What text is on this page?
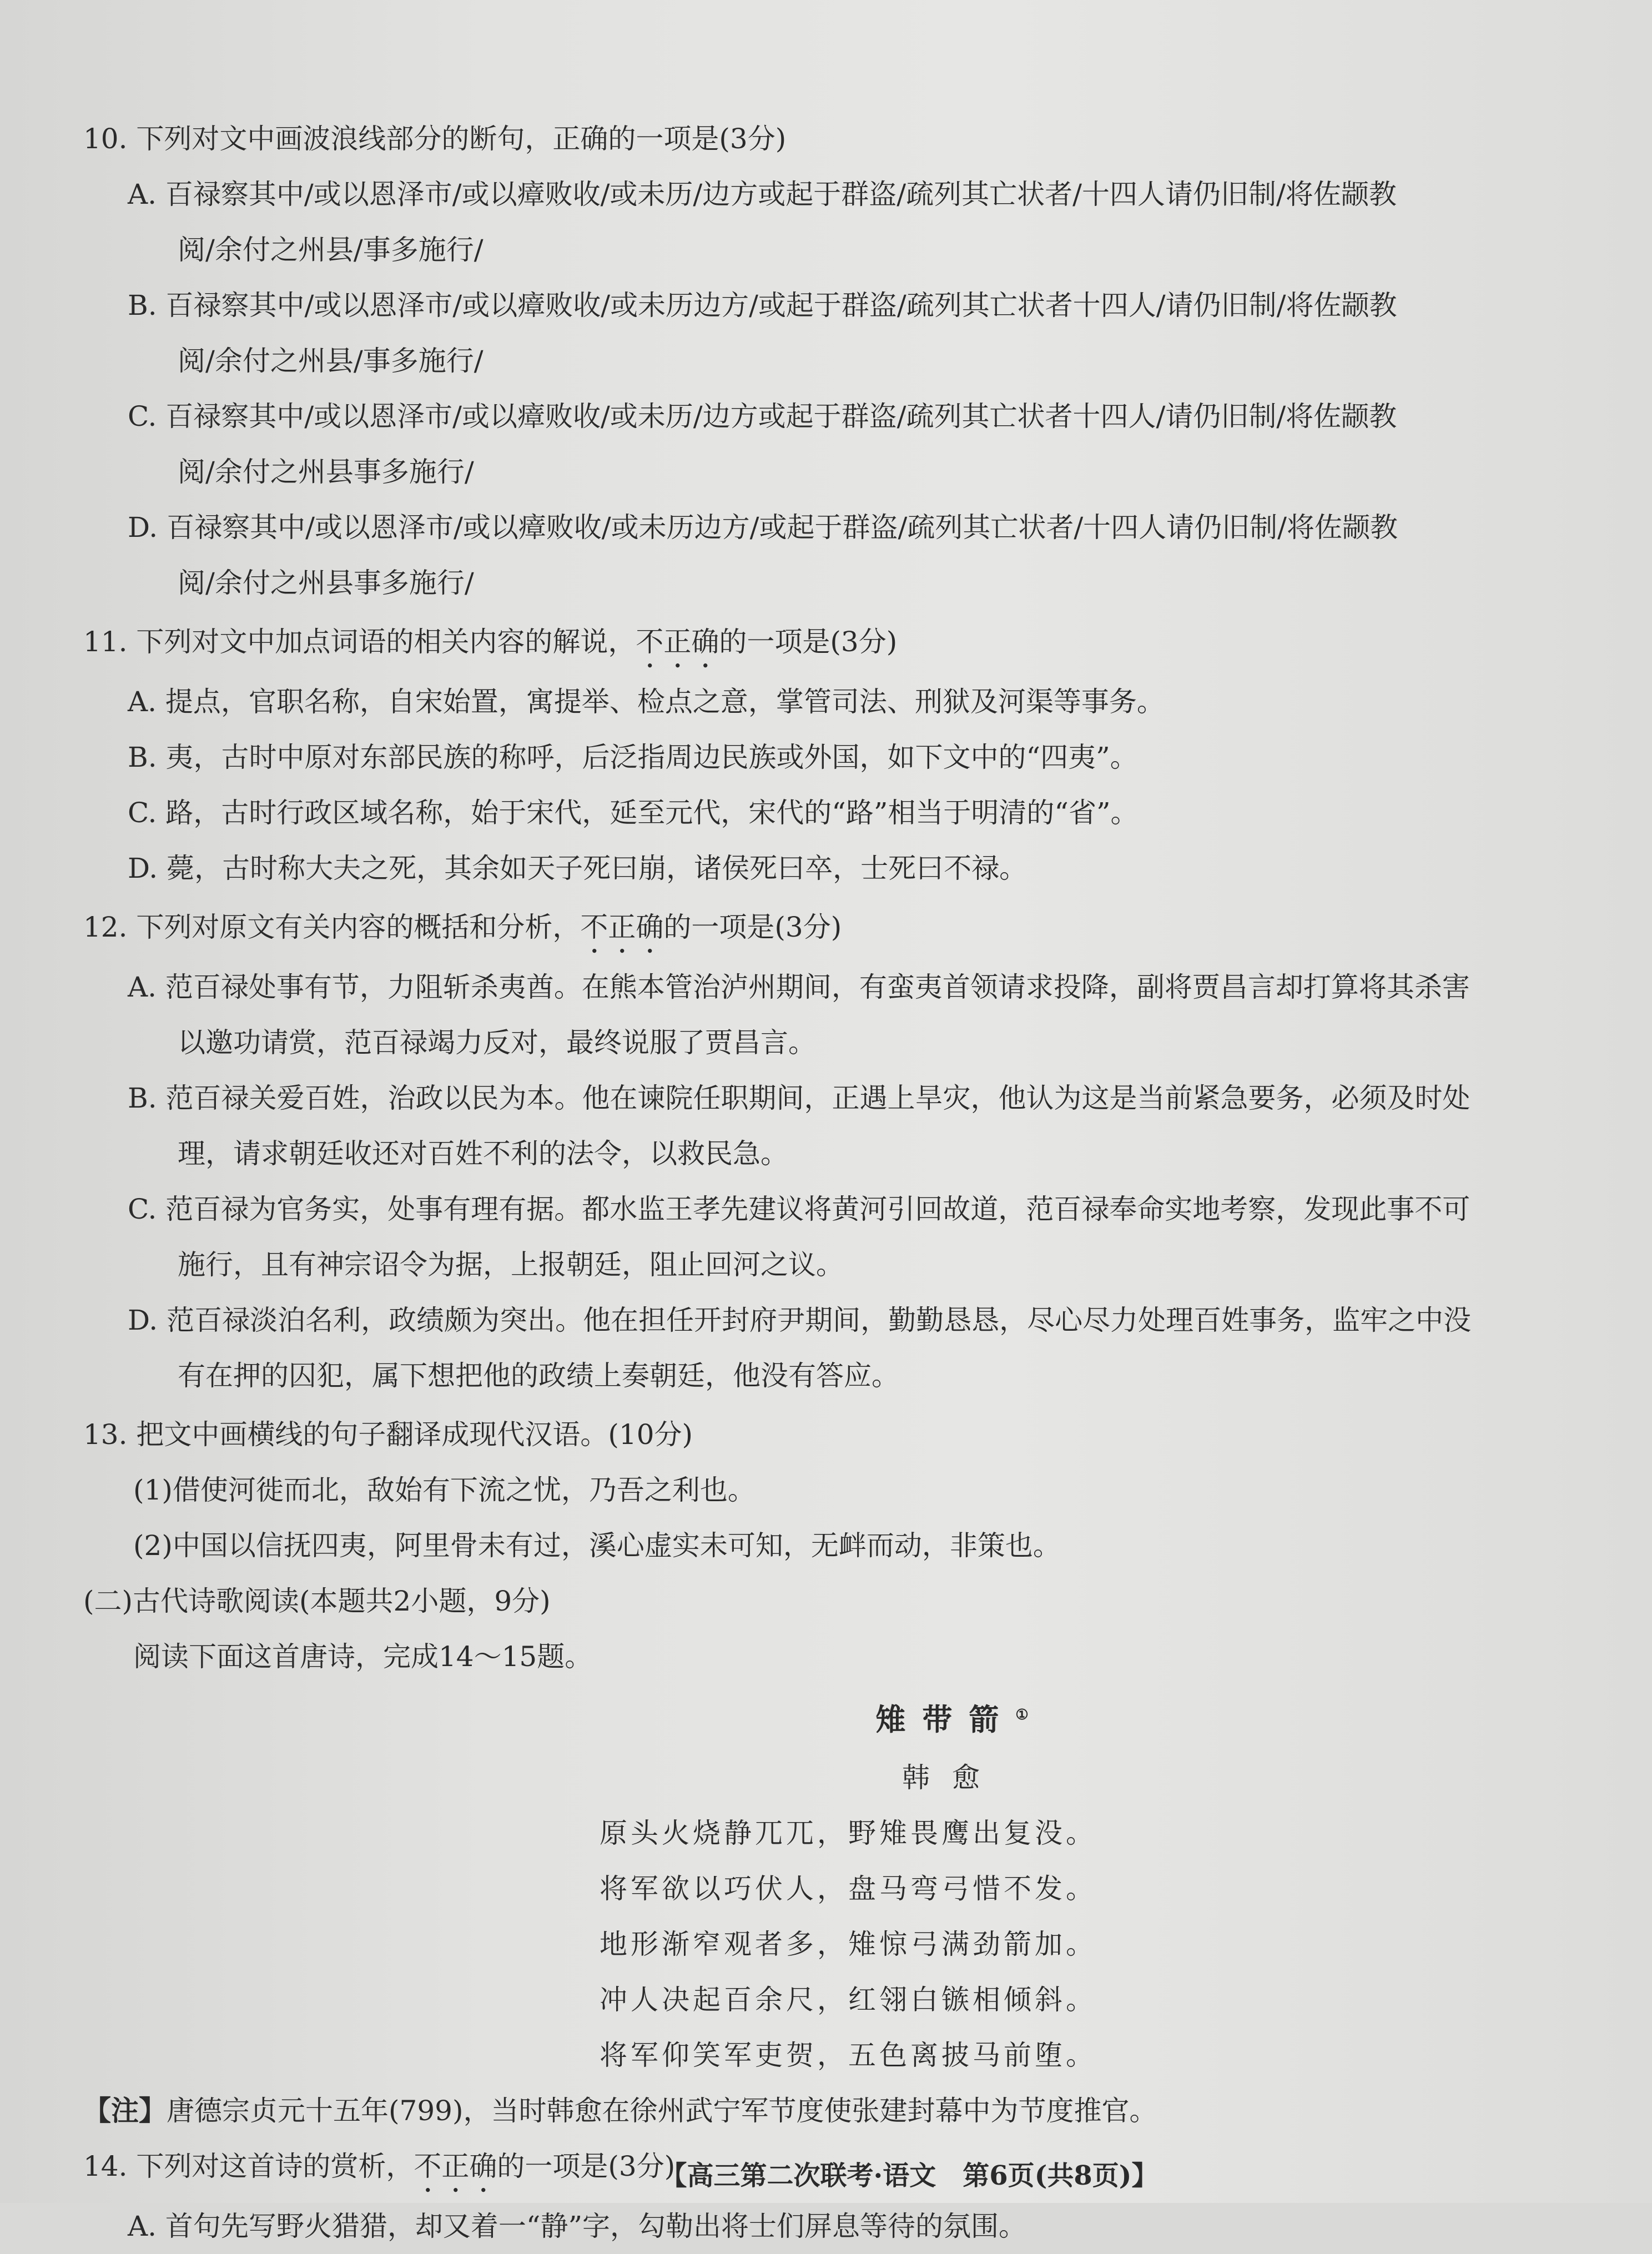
10. 下列对文中画波浪线部分的断句，正确的一项是(3分)
A. 百禄察其中/或以恩泽市/或以瘴败收/或未历/边方或起于群盗/疏列其亡状者/十四人请仍旧制/将佐颛教
阅/余付之州县/事多施行/
B. 百禄察其中/或以恩泽市/或以瘴败收/或未历边方/或起于群盗/疏列其亡状者十四人/请仍旧制/将佐颛教
阅/余付之州县/事多施行/
C. 百禄察其中/或以恩泽市/或以瘴败收/或未历/边方或起于群盗/疏列其亡状者十四人/请仍旧制/将佐颛教
阅/余付之州县事多施行/
D. 百禄察其中/或以恩泽市/或以瘴败收/或未历边方/或起于群盗/疏列其亡状者/十四人请仍旧制/将佐颛教
阅/余付之州县事多施行/
11. 下列对文中加点词语的相关内容的解说，不正确的一项是(3分)
A. 提点，官职名称，自宋始置，寓提举、检点之意，掌管司法、刑狱及河渠等事务。
B. 夷，古时中原对东部民族的称呼，后泛指周边民族或外国，如下文中的“四夷”。
C. 路，古时行政区域名称，始于宋代，延至元代，宋代的“路”相当于明清的“省”。
D. 薨，古时称大夫之死，其余如天子死曰崩，诸侯死曰卒，士死曰不禄。
12. 下列对原文有关内容的概括和分析，不正确的一项是(3分)
A. 范百禄处事有节，力阻斩杀夷酋。在熊本管治泸州期间，有蛮夷首领请求投降，副将贾昌言却打算将其杀害
以邀功请赏，范百禄竭力反对，最终说服了贾昌言。
B. 范百禄关爱百姓，治政以民为本。他在谏院任职期间，正遇上旱灾，他认为这是当前紧急要务，必须及时处
理，请求朝廷收还对百姓不利的法令，以救民急。
C. 范百禄为官务实，处事有理有据。都水监王孝先建议将黄河引回故道，范百禄奉命实地考察，发现此事不可
施行，且有神宗诏令为据，上报朝廷，阻止回河之议。
D. 范百禄淡泊名利，政绩颇为突出。他在担任开封府尹期间，勤勤恳恳，尽心尽力处理百姓事务，监牢之中没
有在押的囚犯，属下想把他的政绩上奏朝廷，他没有答应。
13. 把文中画横线的句子翻译成现代汉语。(10分)
(1)借使河徙而北，敌始有下流之忧，乃吾之利也。
(2)中国以信抚四夷，阿里骨未有过，溪心虚实未可知，无衅而动，非策也。
(二)古代诗歌阅读(本题共2小题，9分)
阅读下面这首唐诗，完成14～15题。
雉带箭①
韩愈
原头火烧静兀兀，野雉畏鹰出复没。
将军欲以巧伏人，盘马弯弓惜不发。
地形渐窄观者多，雉惊弓满劲箭加。
冲人决起百余尺，红翎白镞相倾斜。
将军仰笑军吏贺，五色离披马前堕。
【注】唐德宗贞元十五年(799)，当时韩愈在徐州武宁军节度使张建封幕中为节度推官。
14. 下列对这首诗的赏析，不正确的一项是(3分)
A. 首句先写野火猎猎，却又着一“静”字，勾勒出将士们屏息等待的氛围。
【高三第二次联考·语文　第6页(共8页)】
